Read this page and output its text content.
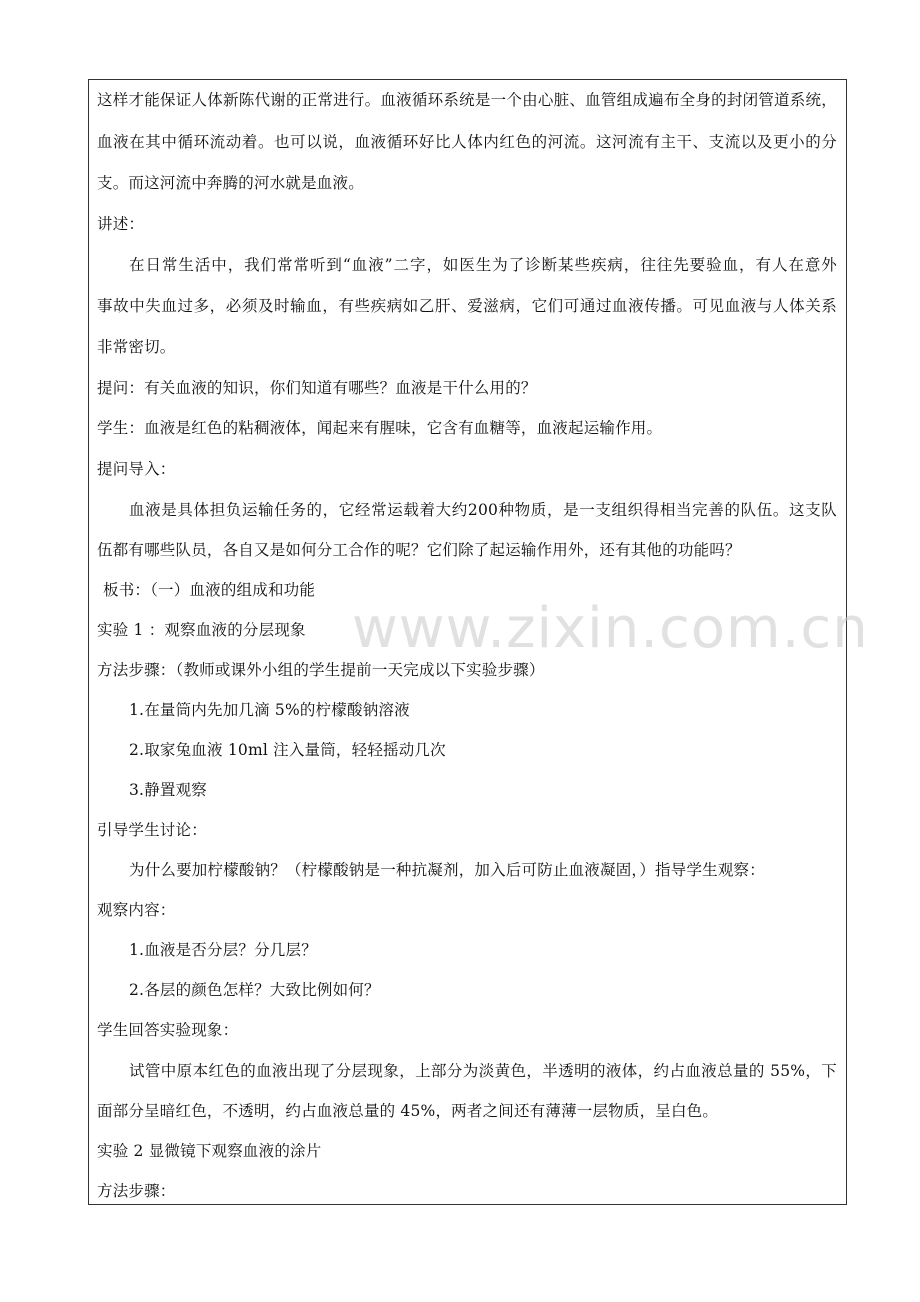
www.zixin.com.cn
这样才能保证人体新陈代谢的正常进行。血液循环系统是一个由心脏、血管组成遍布全身的封闭管道系统，
血液在其中循环流动着。也可以说，血液循环好比人体内红色的河流。这河流有主干、支流以及更小的分
支。而这河流中奔腾的河水就是血液。
讲述：
在日常生活中，我们常常听到“血液”二字，如医生为了诊断某些疾病，往往先要验血，有人在意外
事故中失血过多，必须及时输血，有些疾病如乙肝、爱滋病，它们可通过血液传播。可见血液与人体关系
非常密切。
提问：有关血液的知识，你们知道有哪些？血液是干什么用的？
学生：血液是红色的粘稠液体，闻起来有腥味，它含有血糖等，血液起运输作用。
提问导入：
血液是具体担负运输任务的，它经常运载着大约200种物质，是一支组织得相当完善的队伍。这支队
伍都有哪些队员，各自又是如何分工合作的呢？它们除了起运输作用外，还有其他的功能吗？
板书：（一）血液的组成和功能
实验 1 ：观察血液的分层现象
方法步骤：（教师或课外小组的学生提前一天完成以下实验步骤）
1.在量筒内先加几滴 5%的柠檬酸钠溶液
2.取家兔血液 10ml 注入量筒，轻轻摇动几次
3.静置观察
引导学生讨论：
为什么要加柠檬酸钠？（柠檬酸钠是一种抗凝剂，加入后可防止血液凝固，）指导学生观察：
观察内容：
1.血液是否分层？分几层？
2.各层的颜色怎样？大致比例如何？
学生回答实验现象：
试管中原本红色的血液出现了分层现象，上部分为淡黄色，半透明的液体，约占血液总量的 55%，下
面部分呈暗红色，不透明，约占血液总量的 45%，两者之间还有薄薄一层物质，呈白色。
实验 2 显微镜下观察血液的涂片
方法步骤：
